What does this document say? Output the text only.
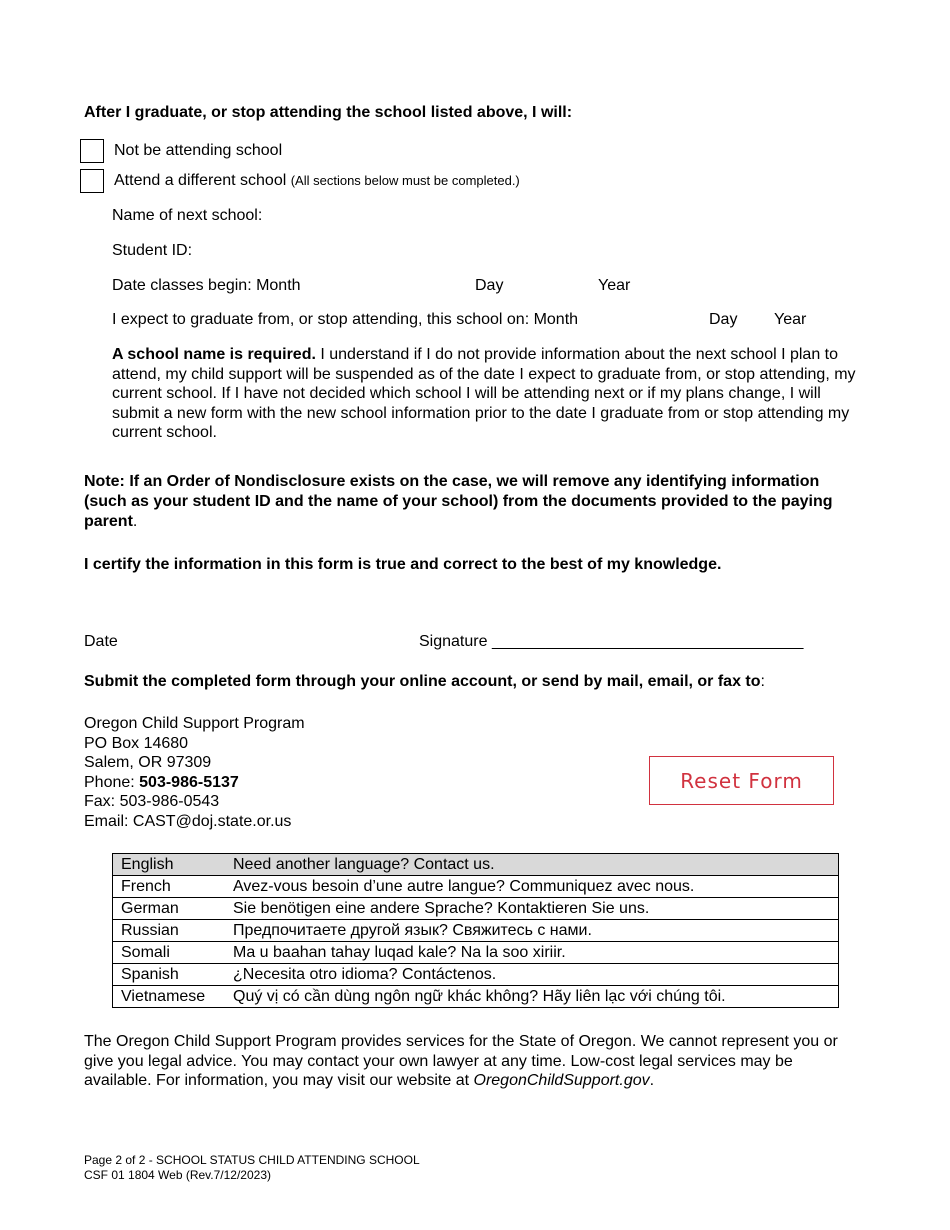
After I graduate, or stop attending the school listed above, I will:
Not be attending school
Attend a different school (All sections below must be completed.)
Name of next school:
Student ID:
Date classes begin: Month	Day	Year
I expect to graduate from, or stop attending, this school on: Month	Day Year
A school name is required. I understand if I do not provide information about the next school I plan to attend, my child support will be suspended as of the date I expect to graduate from, or stop attending, my current school. If I have not decided which school I will be attending next or if my plans change, I will submit a new form with the new school information prior to the date I graduate from or stop attending my current school.
Note: If an Order of Nondisclosure exists on the case, we will remove any identifying information (such as your student ID and the name of your school) from the documents provided to the paying parent.
I certify the information in this form is true and correct to the best of my knowledge.
Date	Signature ___________________________________
Submit the completed form through your online account, or send by mail, email, or fax to:
Oregon Child Support Program
PO Box 14680
Salem, OR 97309
Phone: 503-986-5137
Fax: 503-986-0543
Email: CAST@doj.state.or.us
Reset Form
English	Need another language? Contact us.
French	Avez-vous besoin d’une autre langue? Communiquez avec nous.
German	Sie benötigen eine andere Sprache? Kontaktieren Sie uns.
Russian	Предпочитаете другой язык? Свяжитесь с нами.
Somali	Ma u baahan tahay luqad kale? Na la soo xiriir.
Spanish	¿Necesita otro idioma? Contáctenos.
Vietnamese	Quý vị có cần dùng ngôn ngữ khác không? Hãy liên lạc với chúng tôi.
The Oregon Child Support Program provides services for the State of Oregon. We cannot represent you or give you legal advice. You may contact your own lawyer at any time. Low-cost legal services may be available. For information, you may visit our website at OregonChildSupport.gov.
Page 2 of 2 - SCHOOL STATUS CHILD ATTENDING SCHOOL
CSF 01 1804 Web (Rev.7/12/2023)
